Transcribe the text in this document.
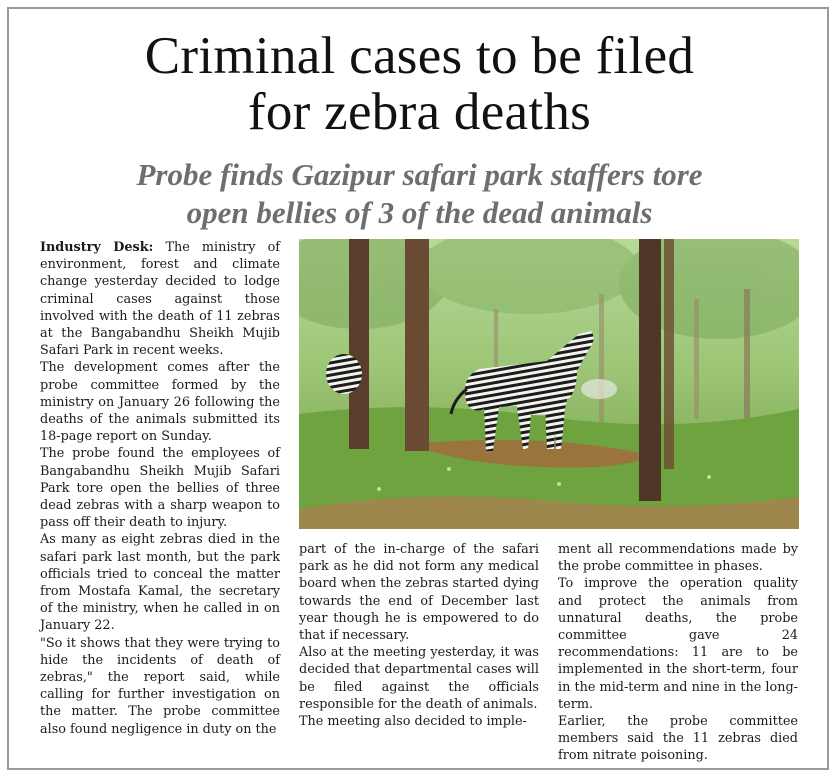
Criminal cases to be filed
for zebra deaths
Probe finds Gazipur safari park staffers tore
open bellies of 3 of the dead animals

Industry Desk: The ministry of environment, forest and climate change yesterday decided to lodge criminal cases against those involved with the death of 11 zebras at the Bangabandhu Sheikh Mujib Safari Park in recent weeks.

The development comes after the probe committee formed by the ministry on January 26 following the deaths of the animals submitted its 18-page report on Sunday.

The probe found the employees of Bangabandhu Sheikh Mujib Safari Park tore open the bellies of three dead zebras with a sharp weapon to pass off their death to injury.

As many as eight zebras died in the safari park last month, but the park officials tried to conceal the matter from Mostafa Kamal, the secretary of the ministry, when he called in on January 22.

"So it shows that they were trying to hide the incidents of death of zebras," the report said, while calling for further investigation on the matter. The probe committee also found negligence in duty on the

part of the in-charge of the safari park as he did not form any medical board when the zebras started dying towards the end of December last year though he is empowered to do that if necessary.

Also at the meeting yesterday, it was decided that departmental cases will be filed against the officials responsible for the death of animals.

The meeting also decided to imple-

ment all recommendations made by the probe committee in phases.

To improve the operation quality and protect the animals from unnatural deaths, the probe committee gave 24 recommendations: 11 are to be implemented in the short-term, four in the mid-term and nine in the long-term.

Earlier, the probe committee members said the 11 zebras died from nitrate poisoning.
